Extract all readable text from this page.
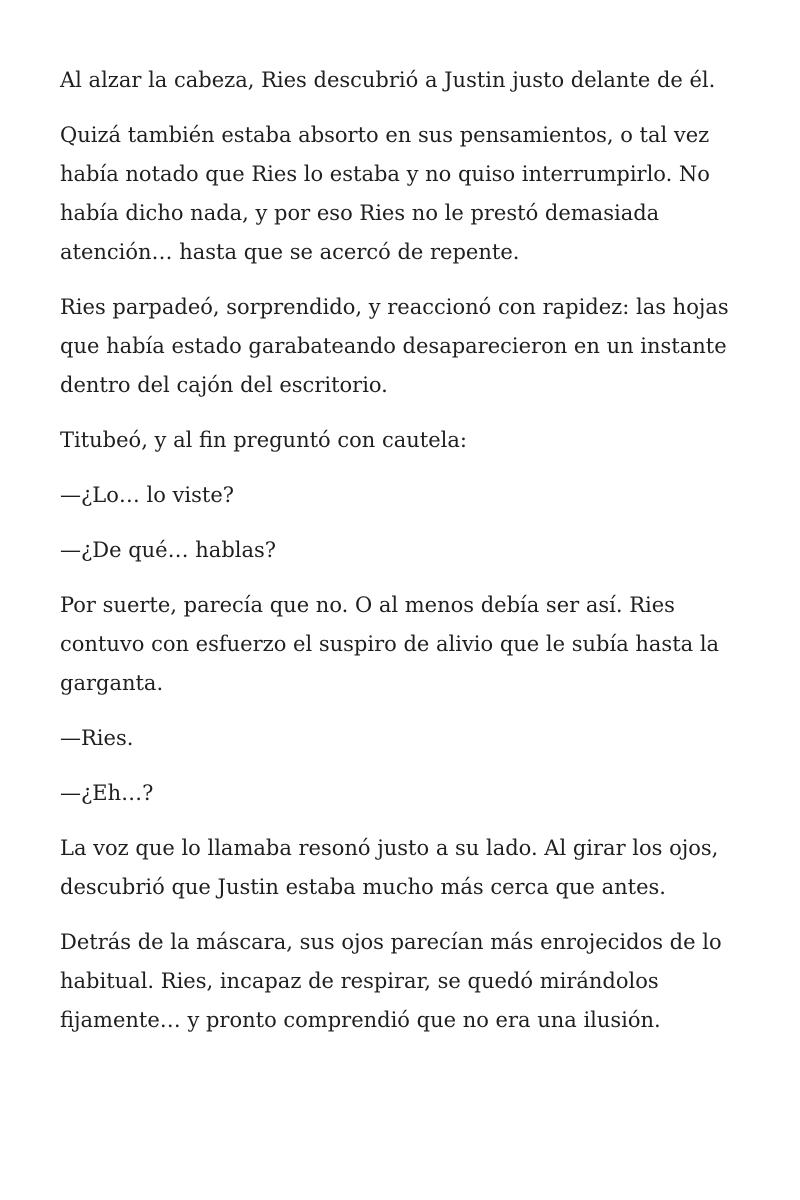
Al alzar la cabeza, Ries descubrió a Justin justo delante de él.

Quizá también estaba absorto en sus pensamientos, o tal vez había notado que Ries lo estaba y no quiso interrumpirlo. No había dicho nada, y por eso Ries no le prestó demasiada atención… hasta que se acercó de repente.

Ries parpadeó, sorprendido, y reaccionó con rapidez: las hojas que había estado garabateando desaparecieron en un instante dentro del cajón del escritorio.

Titubeó, y al fin preguntó con cautela:

—¿Lo… lo viste?

—¿De qué… hablas?

Por suerte, parecía que no. O al menos debía ser así. Ries contuvo con esfuerzo el suspiro de alivio que le subía hasta la garganta.

—Ries.

—¿Eh…?

La voz que lo llamaba resonó justo a su lado. Al girar los ojos, descubrió que Justin estaba mucho más cerca que antes.

Detrás de la máscara, sus ojos parecían más enrojecidos de lo habitual. Ries, incapaz de respirar, se quedó mirándolos fijamente… y pronto comprendió que no era una ilusión.
